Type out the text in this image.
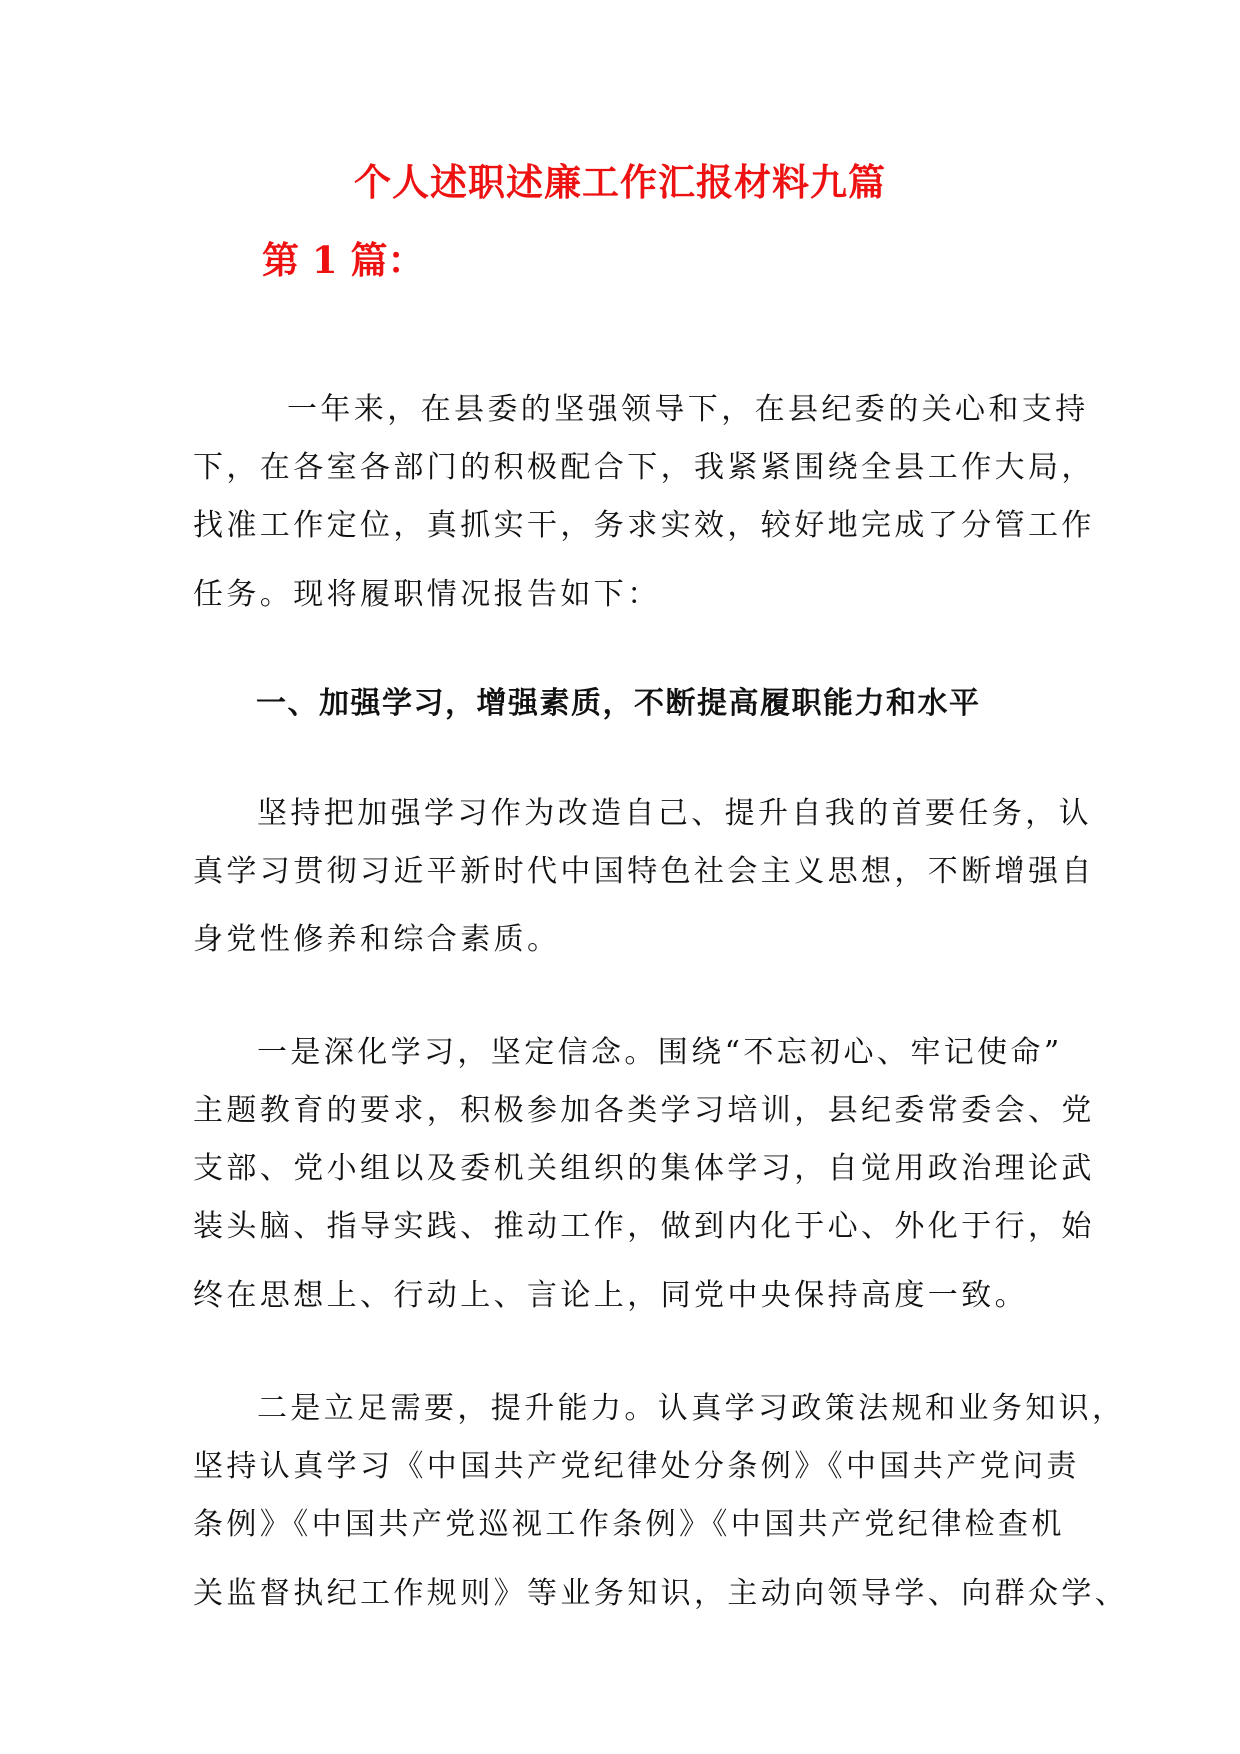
个人述职述廉工作汇报材料九篇
第 1 篇：
一年来，在县委的坚强领导下，在县纪委的关心和支持
下，在各室各部门的积极配合下，我紧紧围绕全县工作大局，
找准工作定位，真抓实干，务求实效，较好地完成了分管工作
任务。现将履职情况报告如下：
一、加强学习，增强素质，不断提高履职能力和水平
坚持把加强学习作为改造自己、提升自我的首要任务，认
真学习贯彻习近平新时代中国特色社会主义思想，不断增强自
身党性修养和综合素质。
一是深化学习，坚定信念。围绕“不忘初心、牢记使命”
主题教育的要求，积极参加各类学习培训，县纪委常委会、党
支部、党小组以及委机关组织的集体学习，自觉用政治理论武
装头脑、指导实践、推动工作，做到内化于心、外化于行，始
终在思想上、行动上、言论上，同党中央保持高度一致。
二是立足需要，提升能力。认真学习政策法规和业务知识，
坚持认真学习《中国共产党纪律处分条例》《中国共产党问责
条例》《中国共产党巡视工作条例》《中国共产党纪律检查机
关监督执纪工作规则》等业务知识，主动向领导学、向群众学、
